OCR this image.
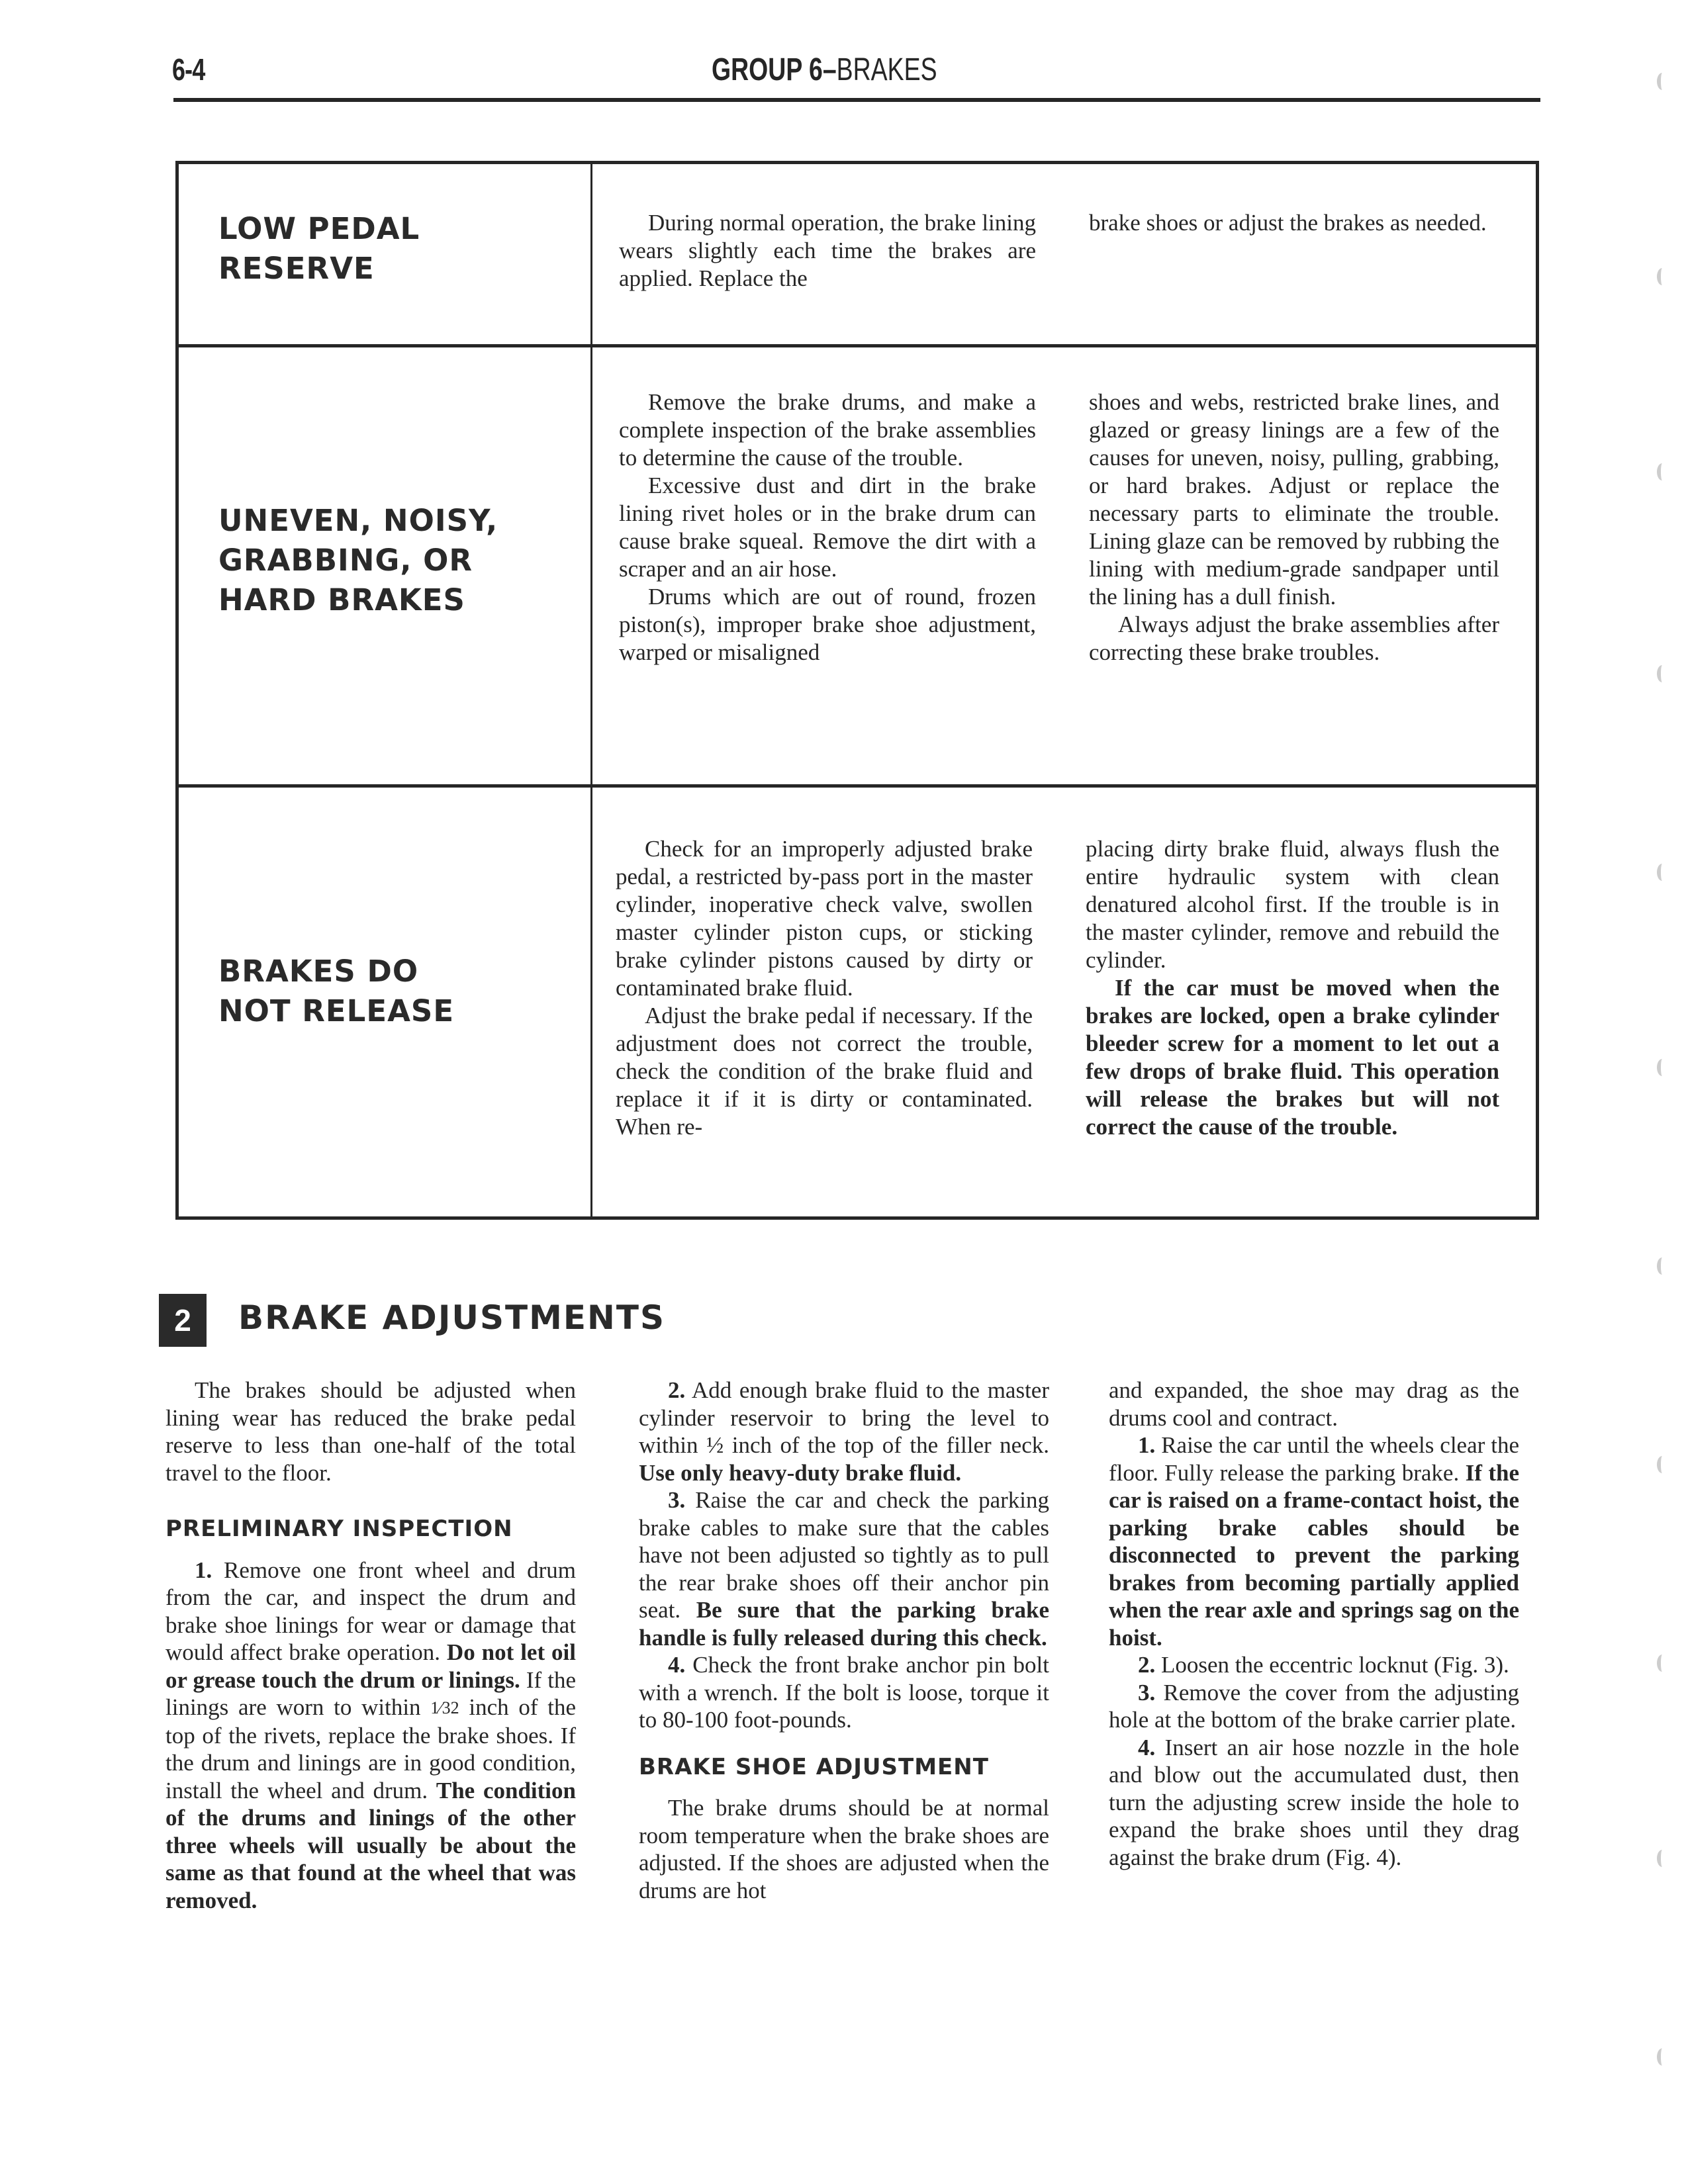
6-4	GROUP 6–BRAKES
LOW PEDAL
RESERVE

During normal operation, the brake lining wears slightly each time the brakes are applied. Replace the

brake shoes or adjust the brakes as needed.

UNEVEN, NOISY,
GRABBING, OR
HARD BRAKES

Remove the brake drums, and make a complete inspection of the brake assemblies to determine the cause of the trouble.

Excessive dust and dirt in the brake lining rivet holes or in the brake drum can cause brake squeal. Remove the dirt with a scraper and an air hose.

Drums which are out of round, frozen piston(s), improper brake shoe adjustment, warped or misaligned

shoes and webs, restricted brake lines, and glazed or greasy linings are a few of the causes for uneven, noisy, pulling, grabbing, or hard brakes. Adjust or replace the necessary parts to eliminate the trouble. Lining glaze can be removed by rubbing the lining with medium-grade sandpaper until the lining has a dull finish.

Always adjust the brake assemblies after correcting these brake troubles.

BRAKES DO
NOT RELEASE

Check for an improperly adjusted brake pedal, a restricted by-pass port in the master cylinder, inoperative check valve, swollen master cylinder piston cups, or sticking brake cylinder pistons caused by dirty or contaminated brake fluid.

Adjust the brake pedal if necessary. If the adjustment does not correct the trouble, check the condition of the brake fluid and replace it if it is dirty or contaminated. When re-

placing dirty brake fluid, always flush the entire hydraulic system with clean denatured alcohol first. If the trouble is in the master cylinder, remove and rebuild the cylinder.

If the car must be moved when the brakes are locked, open a brake cylinder bleeder screw for a moment to let out a few drops of brake fluid. This operation will release the brakes but will not correct the cause of the trouble.

2	BRAKE ADJUSTMENTS

The brakes should be adjusted when lining wear has reduced the brake pedal reserve to less than one-half of the total travel to the floor.

PRELIMINARY INSPECTION

1. Remove one front wheel and drum from the car, and inspect the drum and brake shoe linings for wear or damage that would affect brake operation. Do not let oil or grease touch the drum or linings. If the linings are worn to within 1⁄32 inch of the top of the rivets, replace the brake shoes. If the drum and linings are in good condition, install the wheel and drum. The condition of the drums and linings of the other three wheels will usually be about the same as that found at the wheel that was removed.

2. Add enough brake fluid to the master cylinder reservoir to bring the level to within ½ inch of the top of the filler neck. Use only heavy-duty brake fluid.

3. Raise the car and check the parking brake cables to make sure that the cables have not been adjusted so tightly as to pull the rear brake shoes off their anchor pin seat. Be sure that the parking brake handle is fully released during this check.

4. Check the front brake anchor pin bolt with a wrench. If the bolt is loose, torque it to 80-100 foot-pounds.

BRAKE SHOE ADJUSTMENT

The brake drums should be at normal room temperature when the brake shoes are adjusted. If the shoes are adjusted when the drums are hot

and expanded, the shoe may drag as the drums cool and contract.

1. Raise the car until the wheels clear the floor. Fully release the parking brake. If the car is raised on a frame-contact hoist, the parking brake cables should be disconnected to prevent the parking brakes from becoming partially applied when the rear axle and springs sag on the hoist.

2. Loosen the eccentric locknut (Fig. 3).

3. Remove the cover from the adjusting hole at the bottom of the brake carrier plate.

4. Insert an air hose nozzle in the hole and blow out the accumulated dust, then turn the adjusting screw inside the hole to expand the brake shoes until they drag against the brake drum (Fig. 4).
